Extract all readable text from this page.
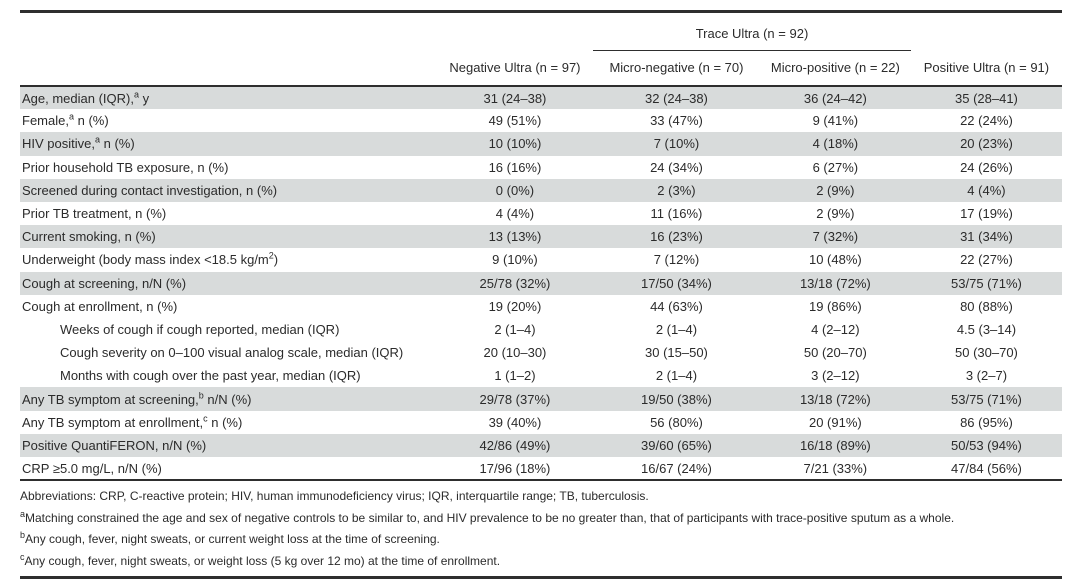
		Trace Ultra (n = 92)		
	Negative Ultra (n = 97)	Micro-negative (n = 70)	Micro-positive (n = 22)	Positive Ultra (n = 91)
Age, median (IQR),$^a$ y	31 (24–38)	32 (24–38)	36 (24–42)	35 (28–41)
Female,$^a$ n (%)	49 (51%)	33 (47%)	9 (41%)	22 (24%)
HIV positive,$^a$ n (%)	10 (10%)	7 (10%)	4 (18%)	20 (23%)
Prior household TB exposure, n (%)	16 (16%)	24 (34%)	6 (27%)	24 (26%)
Screened during contact investigation, n (%)	0 (0%)	2 (3%)	2 (9%)	4 (4%)
Prior TB treatment, n (%)	4 (4%)	11 (16%)	2 (9%)	17 (19%)
Current smoking, n (%)	13 (13%)	16 (23%)	7 (32%)	31 (34%)
Underweight (body mass index <18.5 $kg/m^2$)	9 (10%)	7 (12%)	10 (48%)	22 (27%)
Cough at screening, n/N (%)	25/78 (32%)	17/50 (34%)	13/18 (72%)	53/75 (71%)
Cough at enrollment, n (%)	19 (20%)	44 (63%)	19 (86%)	80 (88%)
Weeks of cough if cough reported, median (IQR)	2 (1–4)	2 (1–4)	4 (2–12)	4.5 (3–14)
Cough severity on 0–100 visual analog scale, median (IQR)	20 (10–30)	30 (15–50)	50 (20–70)	50 (30–70)
Months with cough over the past year, median (IQR)	1 (1–2)	2 (1–4)	3 (2–12)	3 (2–7)
Any TB symptom at screening,$^b$ n/N (%)	29/78 (37%)	19/50 (38%)	13/18 (72%)	53/75 (71%)
Any TB symptom at enrollment,$^c$ n (%)	39 (40%)	56 (80%)	20 (91%)	86 (95%)
Positive QuantiFERON, n/N (%)	42/86 (49%)	39/60 (65%)	16/18 (89%)	50/53 (94%)
CRP ≥5.0 mg/L, n/N (%)	17/96 (18%)	16/67 (24%)	7/21 (33%)	47/84 (56%)
Abbreviations: CRP, C-reactive protein; HIV, human immunodeficiency virus; IQR, interquartile range; TB, tuberculosis.
$^a$Matching constrained the age and sex of negative controls to be similar to, and HIV prevalence to be no greater than, that of participants with trace-positive sputum as a whole.
$^b$Any cough, fever, night sweats, or current weight loss at the time of screening.
$^c$Any cough, fever, night sweats, or weight loss (5 kg over 12 mo) at the time of enrollment.
